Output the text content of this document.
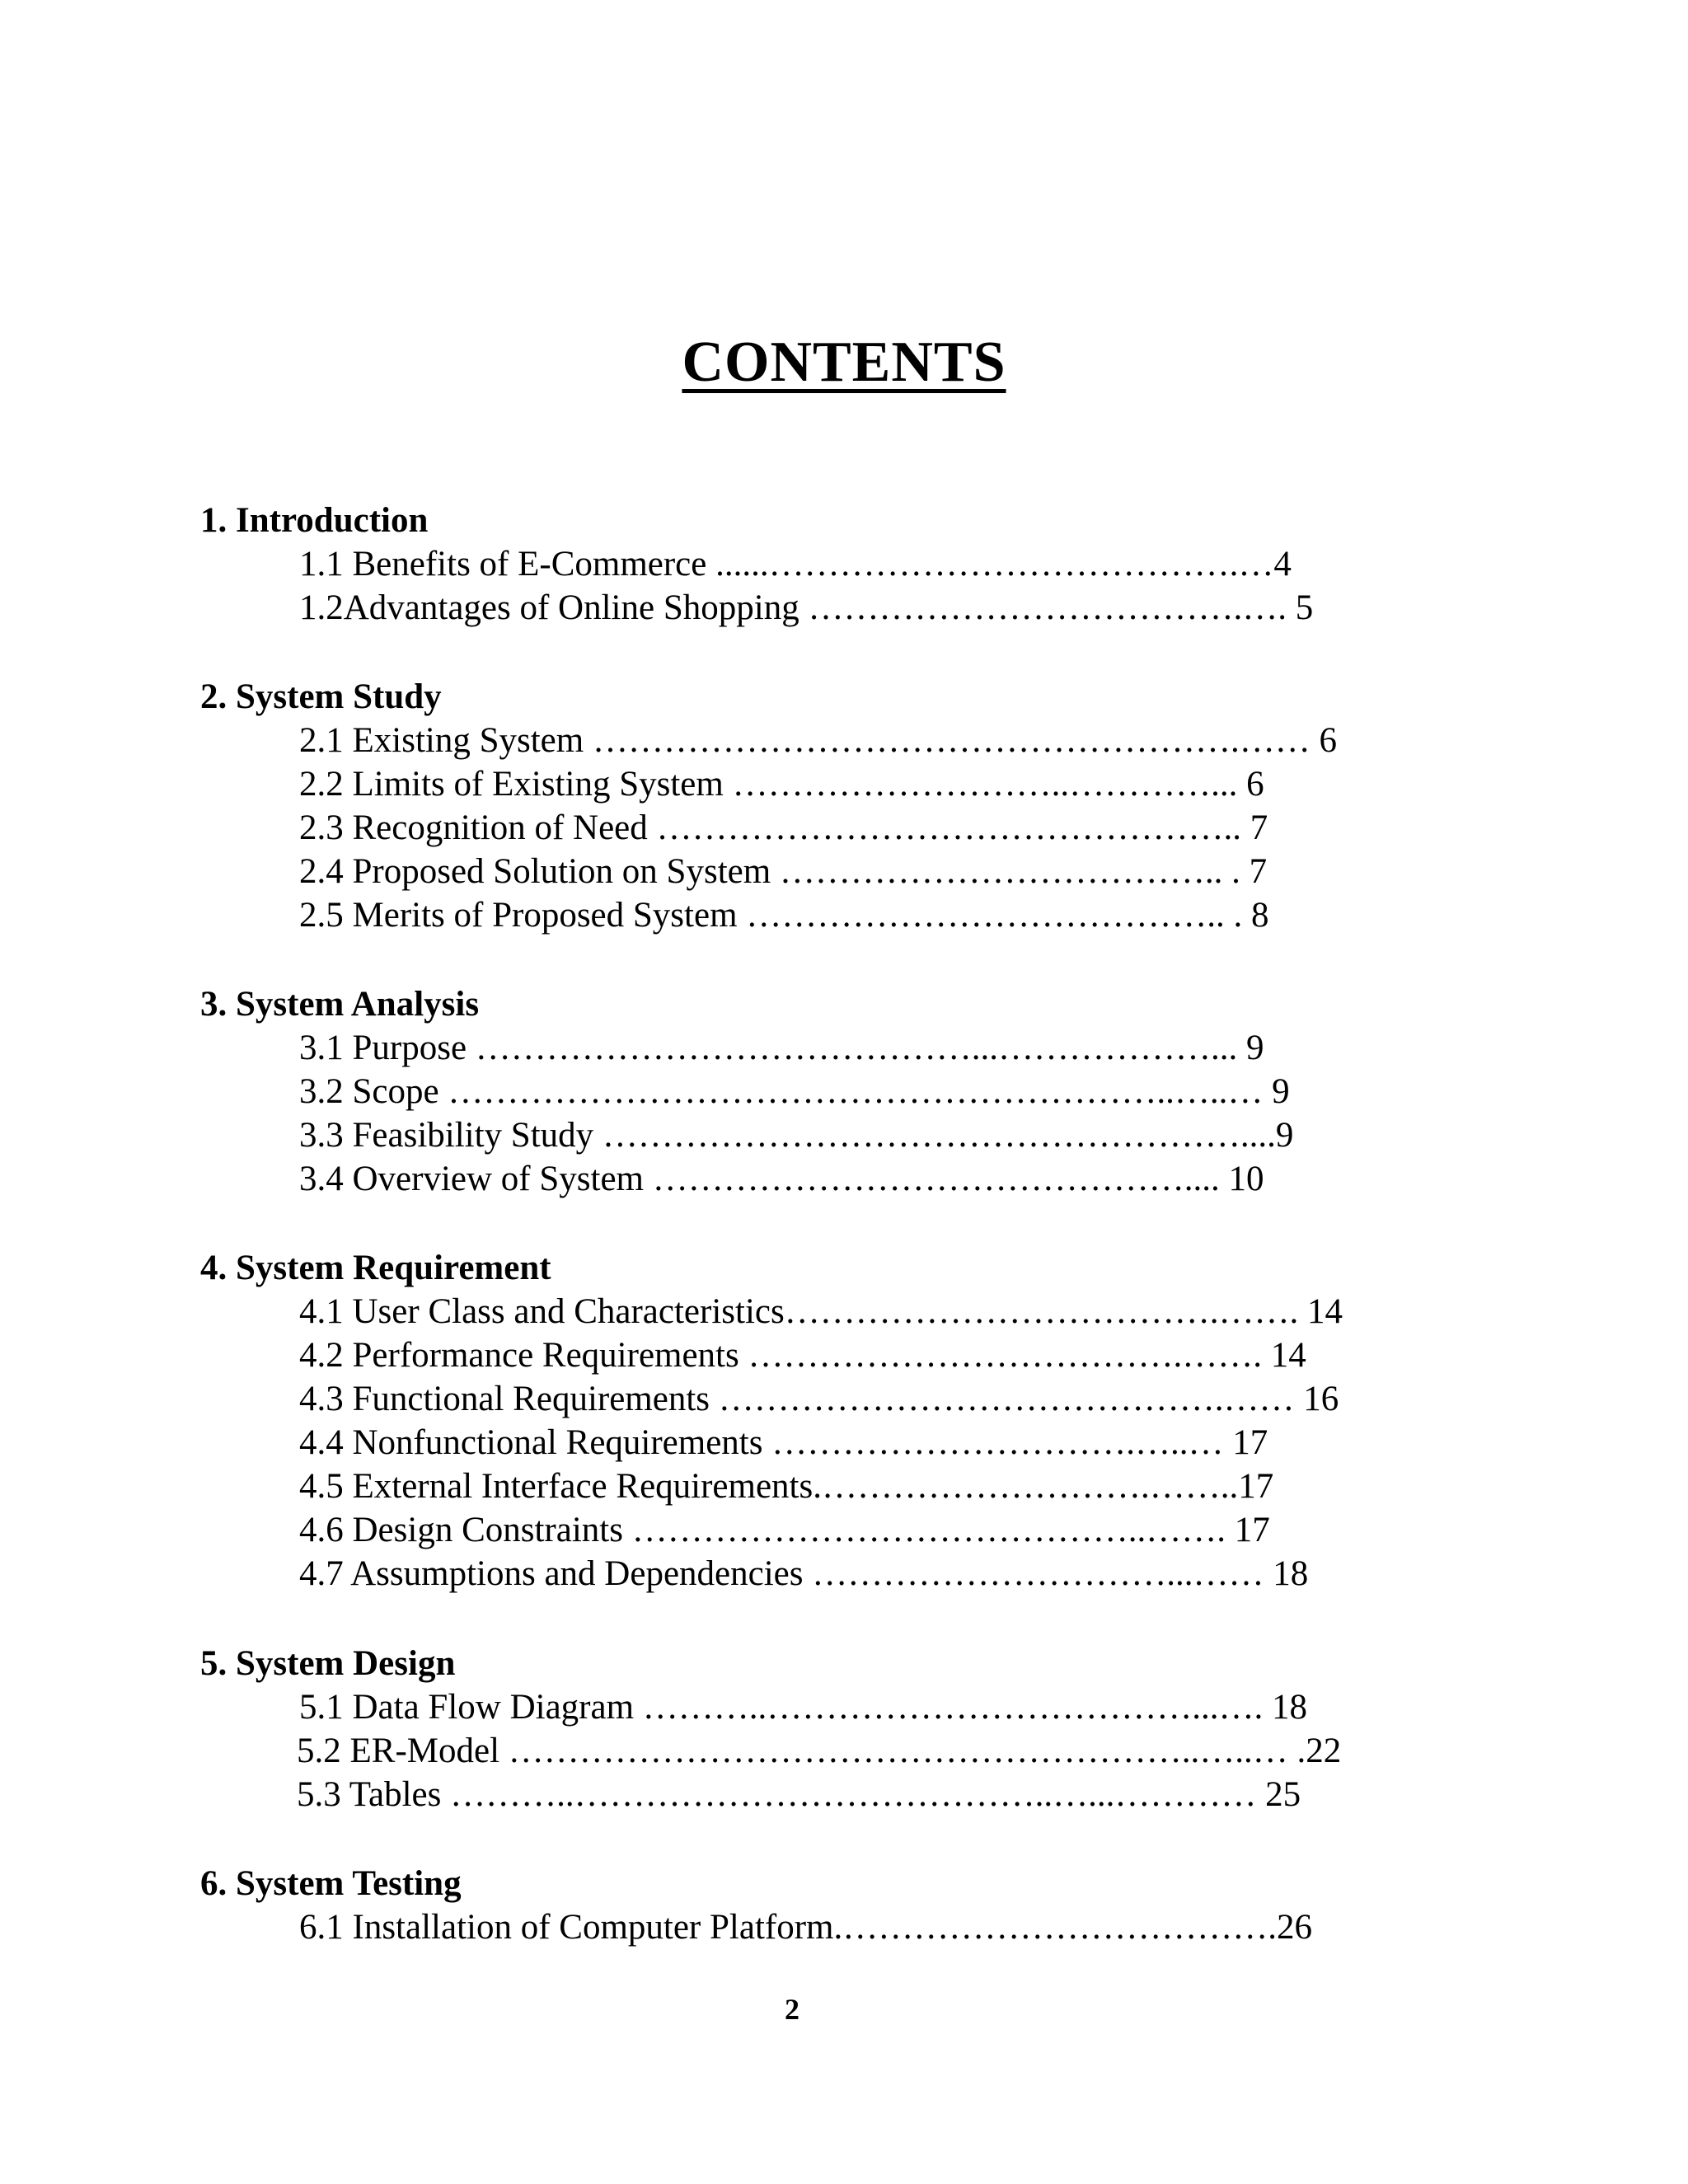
CONTENTS
1. Introduction
1.1 Benefits of E-Commerce ......………………………………….…4
1.2Advantages of Online Shopping ……………………………….…. 5
2. System Study
2.1 Existing System ……………………………………………….…… 6
2.2 Limits of Existing System ………………………..…………... 6
2.3 Recognition of Need ………………………………………….. 7
2.4 Proposed Solution on System ……………………………….. . 7
2.5 Merits of Proposed System ………………………………….. . 8
3. System Analysis
3.1 Purpose ……………………………………...………………... 9
3.2 Scope ……………………………………………………..…..… 9
3.3 Feasibility Study ………………………………………………....9
3.4 Overview of System ……………………………………….... 10
4. System Requirement
4.1 User Class and Characteristics……………………………….……. 14
4.2 Performance Requirements ……………………………….……. 14
4.3 Functional Requirements …………………………………….…… 16
4.4 Nonfunctional Requirements ………………………….…..… 17
4.5 External Interface Requirements.……………………….……..17
4.6 Design Constraints ……………………………………..……. 17
4.7 Assumptions and Dependencies …………………………...…… 18
5. System Design
5.1 Data Flow Diagram ………..………………………………...…. 18
5.2 ER-Model …………………………………………………..…..… .22
5.3 Tables ………..…………………………………..…...………… 25
6. System Testing
6.1 Installation of Computer Platform.……………………………….26
2
